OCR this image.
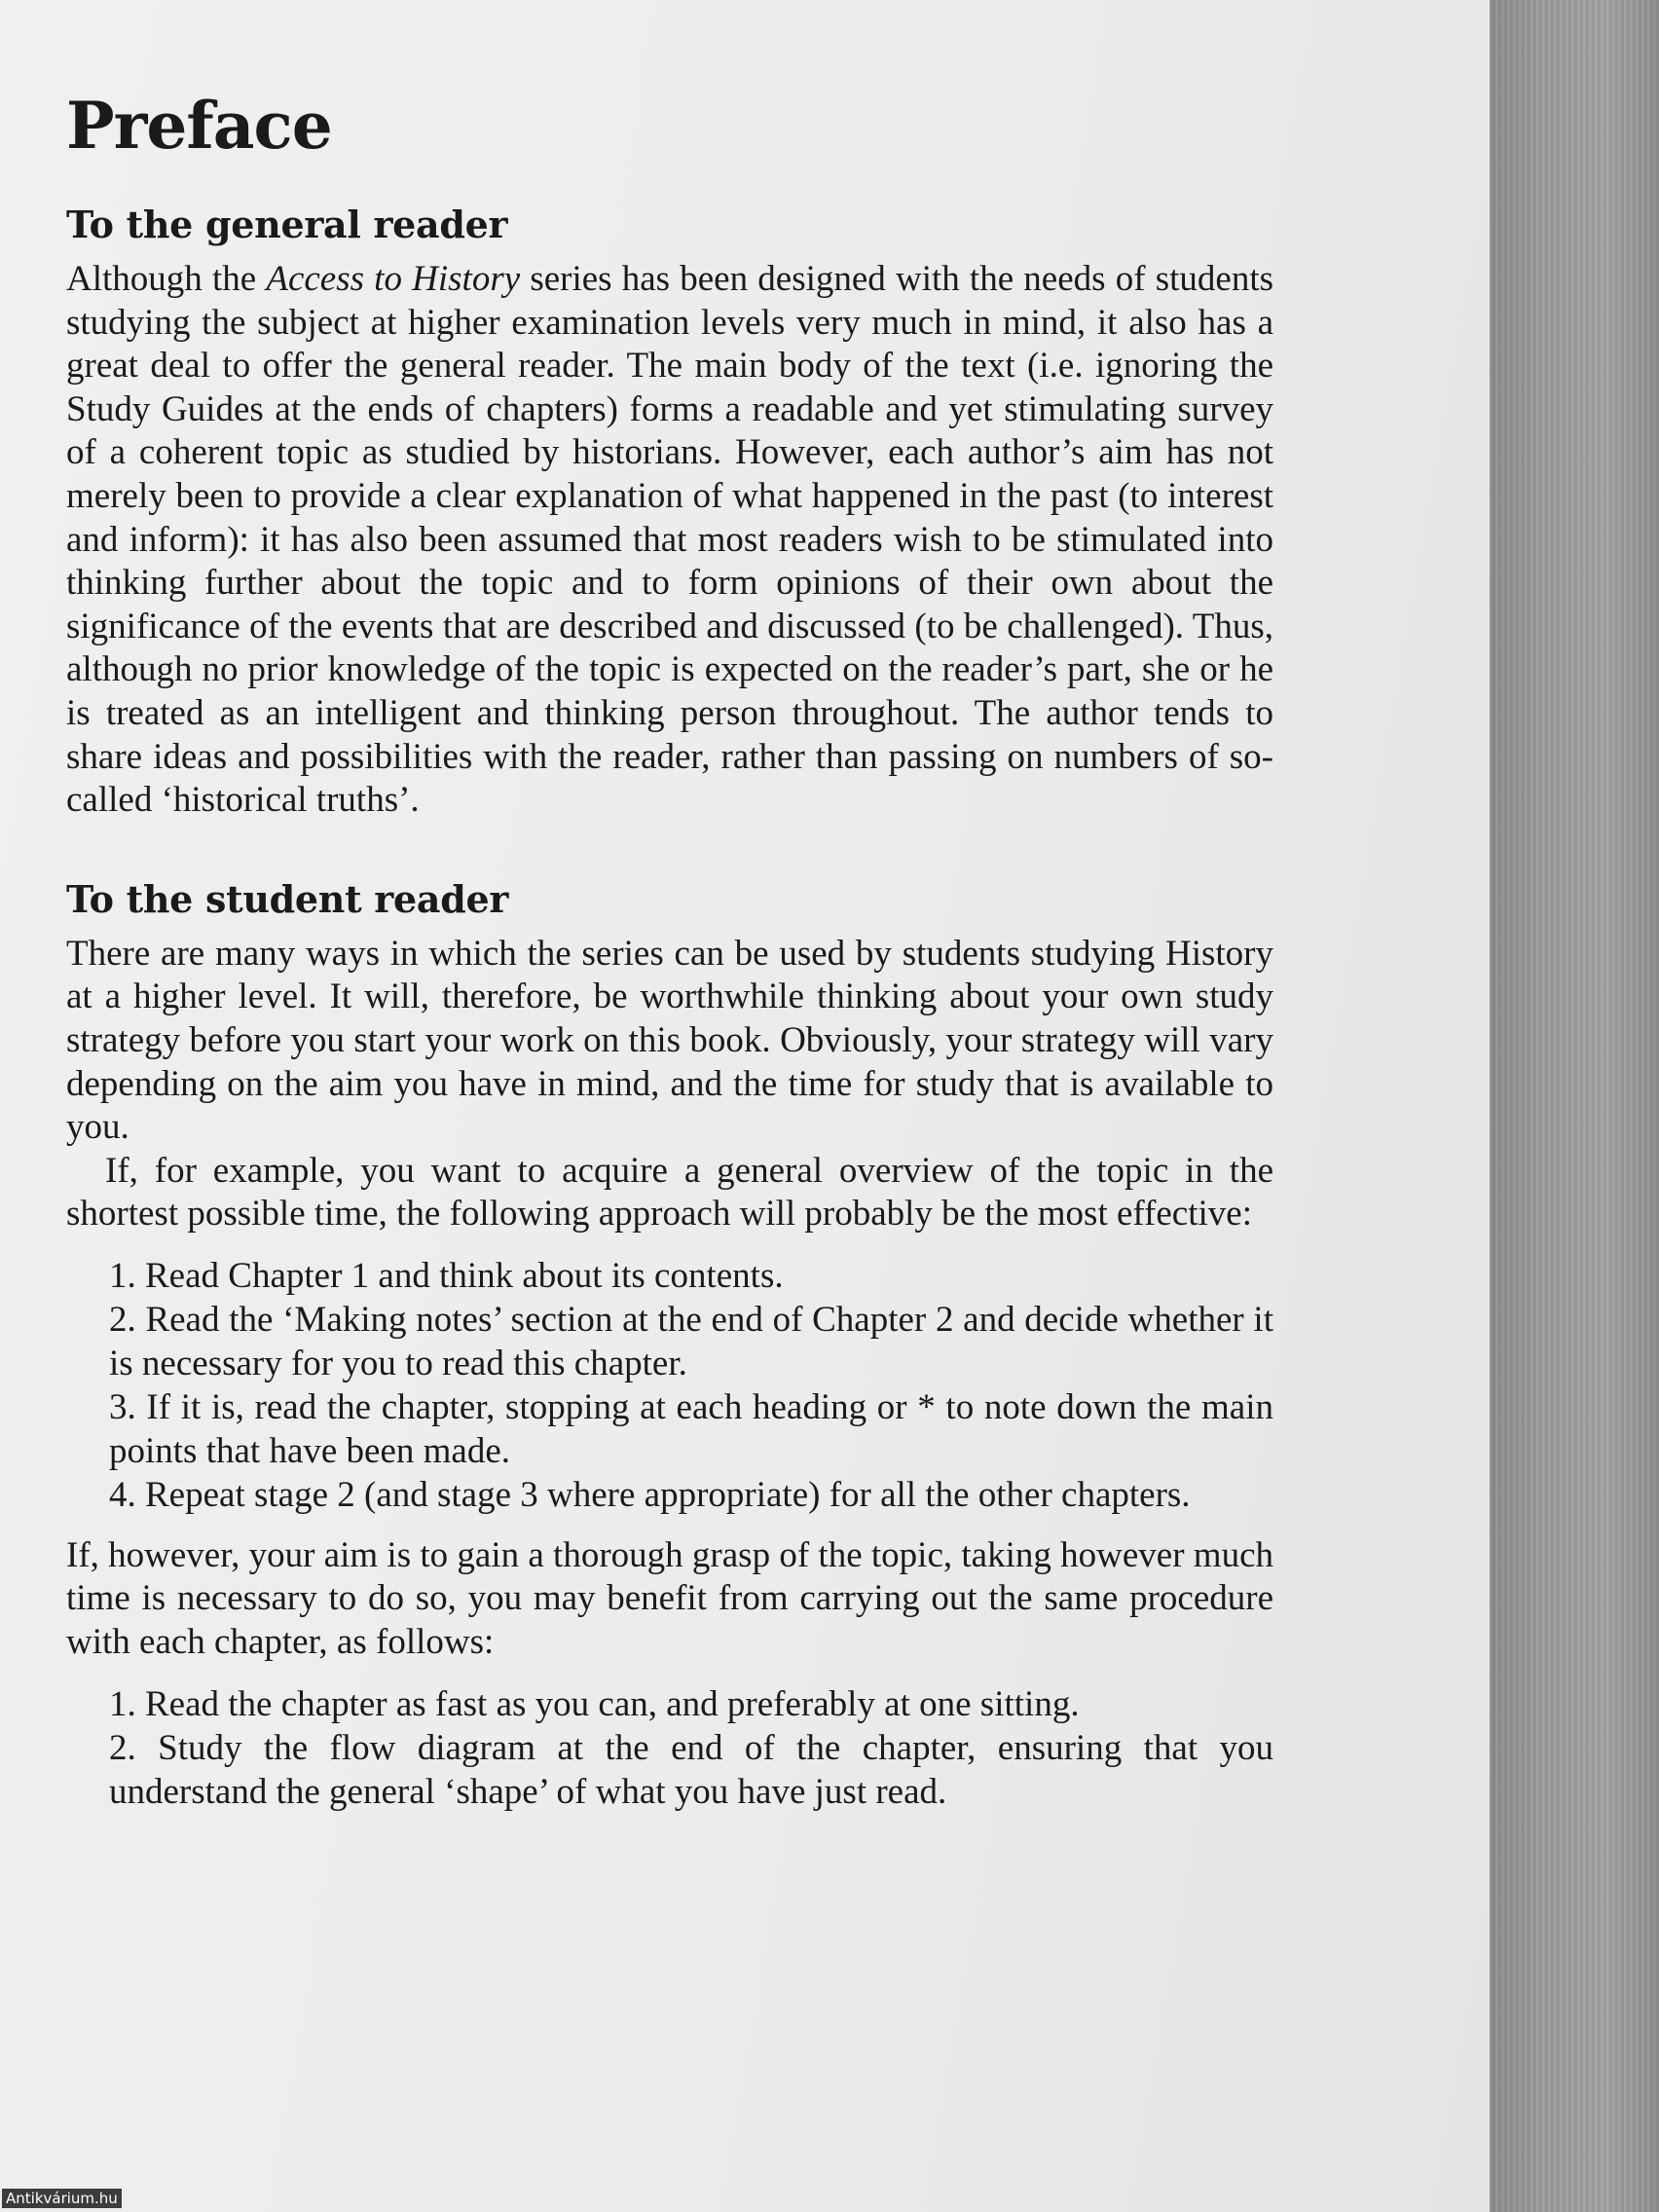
Preface
To the general reader

Although the Access to History series has been designed with the needs of students studying the subject at higher examination levels very much in mind, it also has a great deal to offer the general reader. The main body of the text (i.e. ignoring the Study Guides at the ends of chapters) forms a readable and yet stimulating survey of a coherent topic as studied by historians. However, each author’s aim has not merely been to provide a clear explanation of what happened in the past (to interest and inform): it has also been assumed that most readers wish to be stimulated into thinking further about the topic and to form opinions of their own about the significance of the events that are described and discussed (to be challenged). Thus, although no prior knowledge of the topic is expected on the reader’s part, she or he is treated as an intelligent and thinking person throughout. The author tends to share ideas and possibilities with the reader, rather than passing on numbers of so-called ‘historical truths’.

To the student reader

There are many ways in which the series can be used by students studying History at a higher level. It will, therefore, be worthwhile thinking about your own study strategy before you start your work on this book. Obviously, your strategy will vary depending on the aim you have in mind, and the time for study that is available to you.

If, for example, you want to acquire a general overview of the topic in the shortest possible time, the following approach will probably be the most effective:

1. Read Chapter 1 and think about its contents.
2. Read the ‘Making notes’ section at the end of Chapter 2 and decide whether it is necessary for you to read this chapter.
3. If it is, read the chapter, stopping at each heading or * to note down the main points that have been made.
4. Repeat stage 2 (and stage 3 where appropriate) for all the other chapters.

If, however, your aim is to gain a thorough grasp of the topic, taking however much time is necessary to do so, you may benefit from carrying out the same procedure with each chapter, as follows:

1. Read the chapter as fast as you can, and preferably at one sitting.
2. Study the flow diagram at the end of the chapter, ensuring that you understand the general ‘shape’ of what you have just read.
Antikvárium.hu
